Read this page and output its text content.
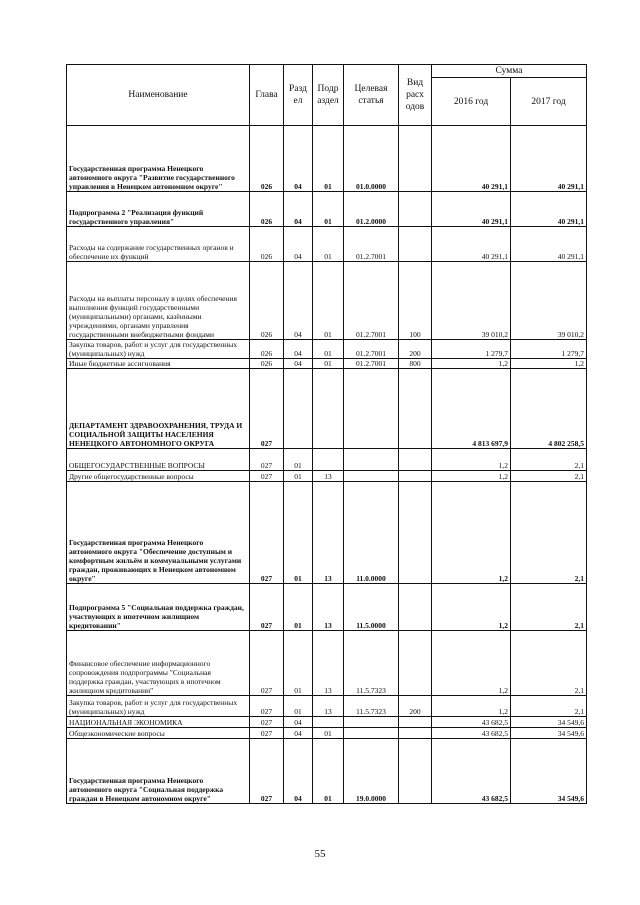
Наименование	Глава	Разд ел	Подр аздел	Целевая статья	Вид расх одов	Сумма	
						2016 год	2017 год
Государственная программа Ненецкого автономного округа "Развитие государственного управления в Ненецком автономном округе"	026	04	01	01.0.0000		40 291,1	40 291,1
Подпрограмма 2 "Реализация функций государственного управления"	026	04	01	01.2.0000		40 291,1	40 291,1
Расходы на содержание государственных органов и обеспечение их функций	026	04	01	01.2.7001		40 291,1	40 291,1
Расходы на выплаты персоналу в целях обеспечения выполнения функций государственными (муниципальными) органами, казёнными учреждениями, органами управления государственными внебюджетными фондами	026	04	01	01.2.7001	100	39 010,2	39 010,2
Закупка товаров, работ и услуг для государственных (муниципальных) нужд	026	04	01	01.2.7001	200	1 279,7	1 279,7
Иные бюджетные ассигнования	026	04	01	01.2.7001	800	1,2	1,2
ДЕПАРТАМЕНТ ЗДРАВООХРАНЕНИЯ, ТРУДА И СОЦИАЛЬНОЙ ЗАЩИТЫ НАСЕЛЕНИЯ НЕНЕЦКОГО АВТОНОМНОГО ОКРУГА	027					4 813 697,9	4 802 258,5
ОБЩЕГОСУДАРСТВЕННЫЕ ВОПРОСЫ	027	01				1,2	2,1
Другие общегосударственные вопросы	027	01	13			1,2	2,1
Государственная программа Ненецкого автономного округа "Обеспечение доступным и комфортным жильём и коммунальными услугами граждан, проживающих в Ненецком автономном округе"	027	01	13	11.0.0000		1,2	2,1
Подпрограмма 5 "Социальная поддержка граждан, участвующих в ипотечном жилищном кредитовании"	027	01	13	11.5.0000		1,2	2,1
Финансовое обеспечение информационного сопровождения подпрограммы "Социальная поддержка граждан, участвующих в ипотечном жилищном кредитовании"	027	01	13	11.5.7323		1,2	2,1
Закупка товаров, работ и услуг для государственных (муниципальных) нужд	027	01	13	11.5.7323	200	1,2	2,1
НАЦИОНАЛЬНАЯ ЭКОНОМИКА	027	04				43 682,5	34 549,6
Общеэкономические вопросы	027	04	01			43 682,5	34 549,6
Государственная программа Ненецкого автономного округа "Социальная поддержка граждан в Ненецком автономном округе"	027	04	01	19.0.0000		43 682,5	34 549,6
55
